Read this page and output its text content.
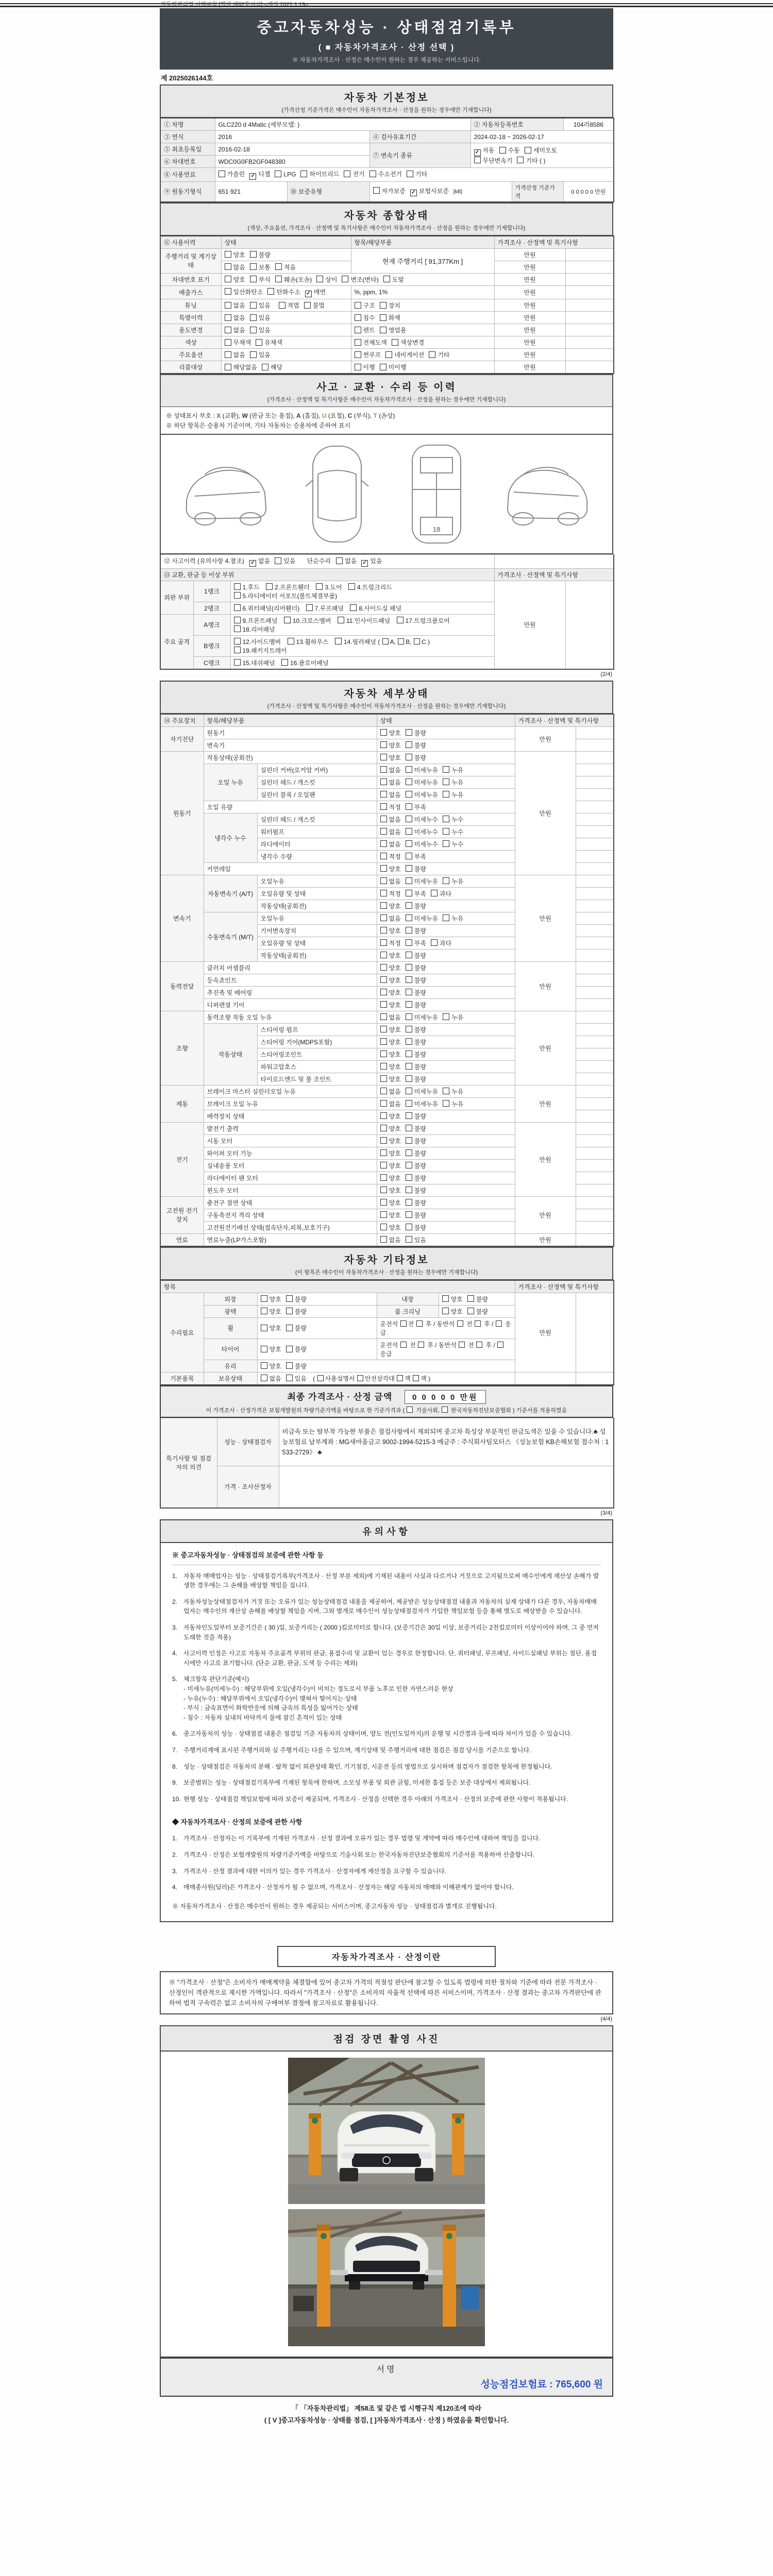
자동차관리법 시행규칙 [별지 제82호서식] <개정 2021.1.19>
중고자동차성능 · 상태점검기록부
( ■ 자동차가격조사 · 산정 선택 )
※ 자동차가격조사 · 산정은 매수인이 원하는 경우 제공하는 서비스입니다.
제 2025026144호
자동차 기본정보
(가격산정 기준가격은 매수인이 자동차가격조사 · 산정을 원하는 경우에만 기재합니다)
① 차명	GLC220 d 4Matic (세부모델: )			② 자동차등록번호		104러8586
③ 연식	2016		④ 검사유효기간	2024-02-18 ~ 2026-02-17		
⑤ 최초등록일	2016-02-18		⑦ 변속기 종류	✓ 자동 수동 세미오토
무단변속기 기타 ( )		
⑥ 차대번호	WDC0G0FB2GF048380					
⑧ 사용연료	가솔린 ✓ 디젤 LPG 하이브리드 전기 수소전기 기타					
⑨ 원동기형식	651 921	⑩ 보증유형	자가보증 ✓ 보험사보증 [kB]		가격산정 기준가격	0 0 0 0 0 만원
자동차 종합상태
(색상, 주요옵션, 가격조사 · 산정액 및 특기사항은 매수인이 자동차가격조사 · 산정을 원하는 경우에만 기재합니다)
⑪ 사용이력	상태	항목/해당부품	가격조사 · 산정액 및 특기사항	
주행거리 및 계기상태	양호 불량	현재 주행거리 [ 91,377Km ]	만원	
	많음 보통 적음		만원	
차대번호 표기	양호 부식 훼손(오손) 상이 변조(변타) 도말		만원	
배출가스	일산화탄소 탄화수소 ✓ 매연	%, ppm, 1%	만원	
튜닝	없음 있음 적법 불법	구조 장치	만원	
특별이력	없음 있음	침수 화재	만원	
용도변경	없음 있음	렌트 영업용	만원	
색상	무채색 유채색	전체도색 색상변경	만원	
주요옵션	없음 있음	썬루프 네비게이션 기타	만원	
리콜대상	해당없음 해당	이행 미이행	만원	
사고 · 교환 · 수리 등 이력
(가격조사 · 산정액 및 특기사항은 매수인이 자동차가격조사 · 산정을 원하는 경우에만 기재합니다)
※ 상태표시 부호 : X (교환), W (판금 또는 용접), A (흠집), U (요철), C (부식), T (손상)
※ 하단 항목은 승용차 기준이며, 기타 자동차는 승용차에 준하여 표시
18
⑫ 사고이력 (유의사항 4.참조) ✓ 없음 있음 단순수리 없음 ✓ 있음				
⑬ 교환, 판금 등 이상 부위			가격조사 · 산정액 및 특기사항	
외판 부위	1랭크	1.후드 2.프론트휀더 3.도어 4.트렁크리드 5.라디에이터 서포트(볼트체결부품)	만원	
	2랭크	6.쿼터패널(리어휀더) 7.루프패널 8.사이드실 패널		
주요 골격	A랭크	9.프론트패널 10.크로스멤버 11.인사이드패널 17.트렁크플로어 18.리어패널		
	B랭크	12.사이드멤버 13.휠하우스 14.필러패널 ( A, B, C ) 19.패키지트레이		
	C랭크	15.대쉬패널 16.플로어패널		
(2/4)
자동차 세부상태
(가격조사 · 산정액 및 특기사항은 매수인이 자동차가격조사 · 산정을 원하는 경우에만 기재합니다)
⑭ 주요장치	항목/해당부품		상태	가격조사 · 산정액 및 특기사항	
자기진단	원동기		양호 불량	만원	
	변속기		양호 불량		
원동기	작동상태(공회전)		양호 불량	만원	
	오일 누유	실린더 커버(로커암 커버)	없음 미세누유 누유		
		실린더 헤드 / 개스킷	없음 미세누유 누유		
		실린더 블록 / 오일팬	없음 미세누유 누유		
	오일 유량		적정 부족		
	냉각수 누수	실린더 헤드 / 개스킷	없음 미세누수 누수		
		워터펌프	없음 미세누수 누수		
		라디에이터	없음 미세누수 누수		
		냉각수 수량	적정 부족		
	커먼레일		양호 불량		
변속기	자동변속기 (A/T)	오일누유	없음 미세누유 누유	만원	
		오일유량 및 상태	적정 부족 과다		
		작동상태(공회전)	양호 불량		
	수동변속기 (M/T)	오일누유	없음 미세누유 누유		
		기어변속장치	양호 불량		
		오일유량 및 상태	적정 부족 과다		
		작동상태(공회전)	양호 불량		
동력전달	클러치 어셈블리		양호 불량	만원	
	등속죠인트		양호 불량		
	추진축 및 베어링		양호 불량		
	디퍼렌셜 기어		양호 불량		
조향	동력조향 작동 오일 누유		없음 미세누유 누유	만원	
	작동상태	스티어링 펌프	양호 불량		
		스티어링 기어(MDPS포함)	양호 불량		
		스티어링조인트	양호 불량		
		파워고압호스	양호 불량		
		타이로드엔드 및 볼 조인트	양호 불량		
제동	브레이크 마스터 실린더오일 누유		없음 미세누유 누유	만원	
	브레이크 오일 누유		없음 미세누유 누유		
	배력장치 상태		양호 불량		
전기	발전기 출력		양호 불량	만원	
	시동 모터		양호 불량		
	와이퍼 모터 기능		양호 불량		
	실내송풍 모터		양호 불량		
	라디에이터 팬 모터		양호 불량		
	윈도우 모터		양호 불량		
고전원 전기장치	충전구 절연 상태		양호 불량	만원	
	구동축전지 격리 상태		양호 불량		
	고전원전기배선 상태(접속단자,피복,보호기구)		양호 불량		
연료	연료누출(LP가스포함)		없음 있음	만원	
자동차 기타정보
(이 항목은 매수인이 자동차가격조사 · 산정을 원하는 경우에만 기재합니다)
항목					가격조사 · 산정액 및 특기사항	
수리필요	외장	양호 불량	내장	양호 불량	만원	
	광택	양호 불량	룸 크리닝	양호 불량		
	휠	양호 불량	운전석 전  후 / 동반석  전  후 /  응급			
	타이어	양호 불량	운전석  전  후 / 동반석  전  후 /  응급			
	유리	양호 불량				
기본품목	보유상태	없음 있음 ( 사용설명서 안전삼각대 잭 잭 )				
최종 가격조사 · 산정 금액	0 0 0 0 0 만원
이 가격조사 · 산정가격은 보험개발원의 차량기준가액을 바탕으로 한 기준가격과 (  기술사회,  한국자동차진단보증협회 ) 기준서를 적용하였음
특기사항 및 점검자의 의견	성능 · 상태점검자	비금속 또는 탈부착 가능한 부품은 점검사항에서 제외되며 중고차 특성상 부분적인 판금도색은 있을 수 있습니다.♣ 성능보험료 납부계좌 : MG새마을금고 9002-1994-5215-3 예금주 : 주식회사팀모터스 《성능보험 KB손해보험 접수처 : 1533-2729》 ♣
	가격 · 조사산정자	
(3/4)
유의사항
※ 중고자동차성능 · 상태점검의 보증에 관한 사항 등
1. 자동차 매매업자는 성능 · 상태점검기록부(가격조사 · 산정 부분 제외)에 기재된 내용이 사실과 다르거나 거짓으로 고지됨으로써 매수인에게 재산상 손해가 발생한 경우에는 그 손해를 배상할 책임을 집니다.
2. 자동차성능상태점검자가 거짓 또는 오류가 있는 성능상태점검 내용을 제공하여, 제공받은 성능상태점검 내용과 자동차의 실제 상태가 다른 경우, 자동차매매업자는 매수인의 재산상 손해를 배상할 책임을 지며, 그와 별개로 매수인이 성능상태점검자가 가입한 책임보험 등을 통해 별도로 배상받을 수 있습니다.
3. 자동차인도일부터 보증기간은 ( 30 )일, 보증거리는 ( 2000 )킬로미터로 합니다. (보증기간은 30일 이상, 보증거리는 2천킬로미터 이상이어야 하며, 그 중 먼저 도래한 것을 적용)
4. 사고이력 인정은 사고로 자동차 주요골격 부위의 판금, 용접수리 및 교환이 있는 경우로 한정합니다. 단, 쿼터패널, 루프패널, 사이드실패널 부위는 절단, 용접 시에만 사고로 표기합니다. (단순 교환, 판금, 도색 등 수리는 제외)
5. 체크항목 판단기준(예시)
- 미세누유(미세누수) : 해당부위에 오일(냉각수)이 비치는 정도로서 부품 노후로 인한 자연스러운 현상
- 누유(누수) : 해당부위에서 오일(냉각수)이 맺혀서 떨어지는 상태
- 부식 : 금속표면이 화학반응에 의해 금속의 특성을 잃어가는 상태
- 침수 : 자동차 실내의 바닥까지 물에 잠긴 흔적이 있는 상태
6. 중고자동차의 성능 · 상태점검 내용은 점검일 기준 자동차의 상태이며, 양도 전(인도일까지)의 운행 및 시간경과 등에 따라 차이가 있을 수 있습니다.
7. 주행거리계에 표시된 주행거리와 실 주행거리는 다를 수 있으며, 계기상태 및 주행거리에 대한 점검은 점검 당시를 기준으로 합니다.
8. 성능 · 상태점검은 자동차의 분해 · 탈착 없이 외관상태 확인, 기기점검, 시운전 등의 방법으로 실시하며 점검자가 점검한 항목에 한정됩니다.
9. 보증범위는 성능 · 상태점검기록부에 기재된 항목에 한하며, 소모성 부품 및 외관 긁힘, 미세한 흠집 등은 보증 대상에서 제외됩니다.
10. 현행 성능 · 상태점검 책임보험에 따라 보증이 제공되며, 가격조사 · 산정을 선택한 경우 아래의 가격조사 · 산정의 보증에 관한 사항이 적용됩니다.
◆ 자동차가격조사 · 산정의 보증에 관한 사항
1. 가격조사 · 산정자는 이 기록부에 기재된 가격조사 · 산정 결과에 오류가 있는 경우 법령 및 계약에 따라 매수인에 대하여 책임을 집니다.
2. 가격조사 · 산정은 보험개발원의 차량기준가액을 바탕으로 기술사회 또는 한국자동차진단보증협회의 기준서를 적용하여 산출합니다.
3. 가격조사 · 산정 결과에 대한 이의가 있는 경우 가격조사 · 산정자에게 재산정을 요구할 수 있습니다.
4. 매매종사원(딜러)은 가격조사 · 산정자가 될 수 없으며, 가격조사 · 산정자는 해당 자동차의 매매와 이해관계가 없어야 합니다.
※ 자동차가격조사 · 산정은 매수인이 원하는 경우 제공되는 서비스이며, 중고자동차 성능 · 상태점검과 별개로 진행됩니다.
자동차가격조사 · 산정이란
※ "가격조사 · 산정"은 소비자가 매매계약을 체결함에 있어 중고차 가격의 적절성 판단에 참고할 수 있도록 법령에 의한 절차와 기준에 따라 전문 가격조사 · 산정인이 객관적으로 제시한 가액입니다. 따라서 "가격조사 · 산정"은 소비자의 자율적 선택에 따른 서비스이며, 가격조사 · 산정 결과는 중고차 가격판단에 관하여 법적 구속력은 없고 소비자의 구매여부 결정에 참고자료로 활용됩니다.
(4/4)
점검 장면 촬영 사진
서명
성능점검보험료 : 765,600 원
「 「자동차관리법」 제58조 및 같은 법 시행규칙 제120조에 따라
( [ V ]중고자동차성능 · 상태를 점검, [ ]자동차가격조사 · 산정 ) 하였음을 확인합니다.
